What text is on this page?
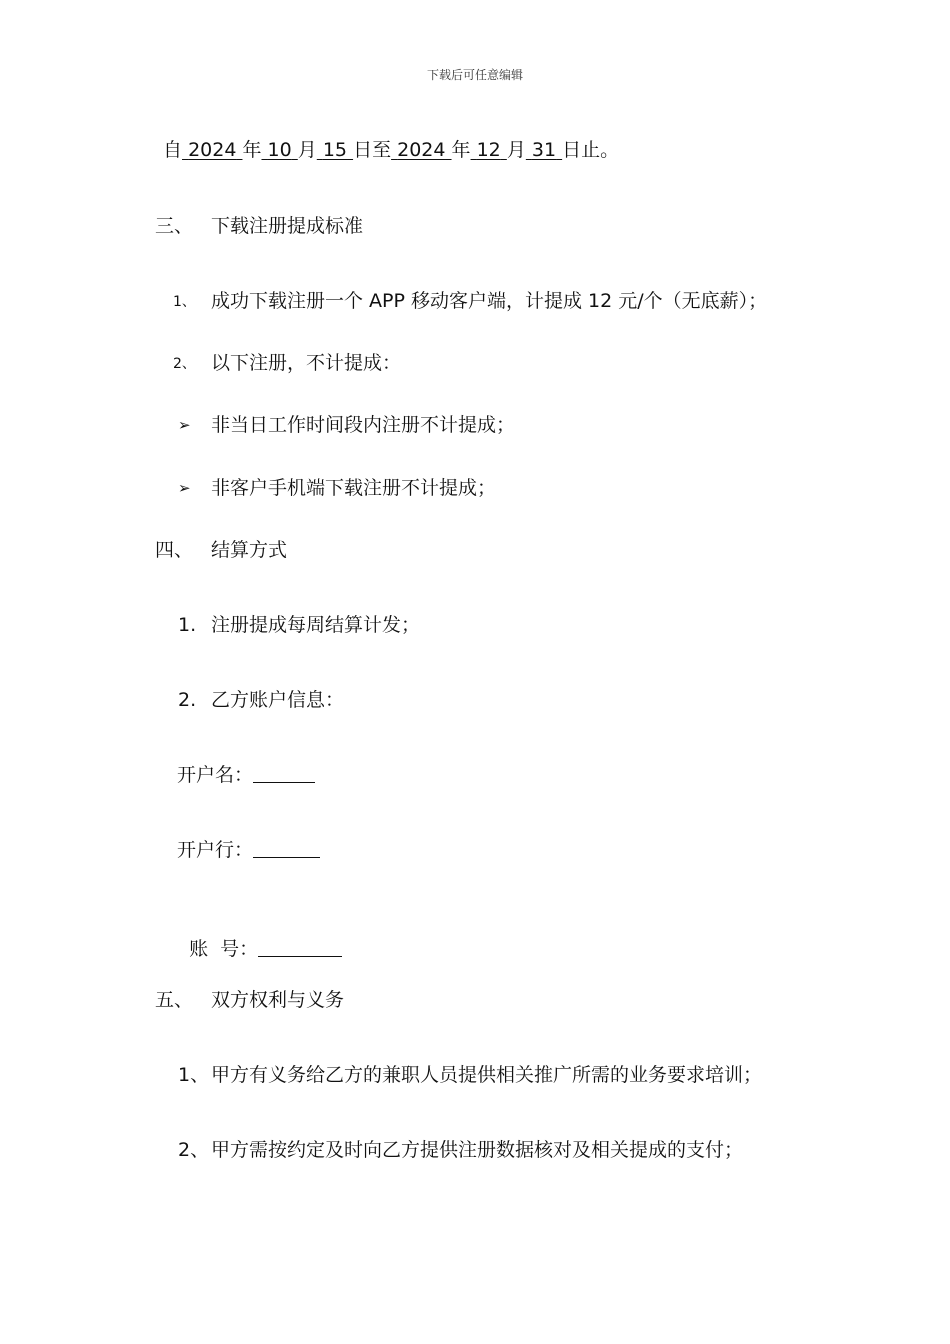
下载后可任意编辑
自 2024 年 10 月 15 日至 2024 年 12 月 31 日止。
三、 下载注册提成标准
1、 成功下载注册一个 APP 移动客户端，计提成 12 元/个（无底薪）；
2、 以下注册，不计提成：
➢ 非当日工作时间段内注册不计提成；
➢ 非客户手机端下载注册不计提成；
四、 结算方式
1. 注册提成每周结算计发；
2. 乙方账户信息：
开户名：
开户行：

账  号：

五、 双方权利与义务
1、 甲方有义务给乙方的兼职人员提供相关推广所需的业务要求培训；
2、 甲方需按约定及时向乙方提供注册数据核对及相关提成的支付；
